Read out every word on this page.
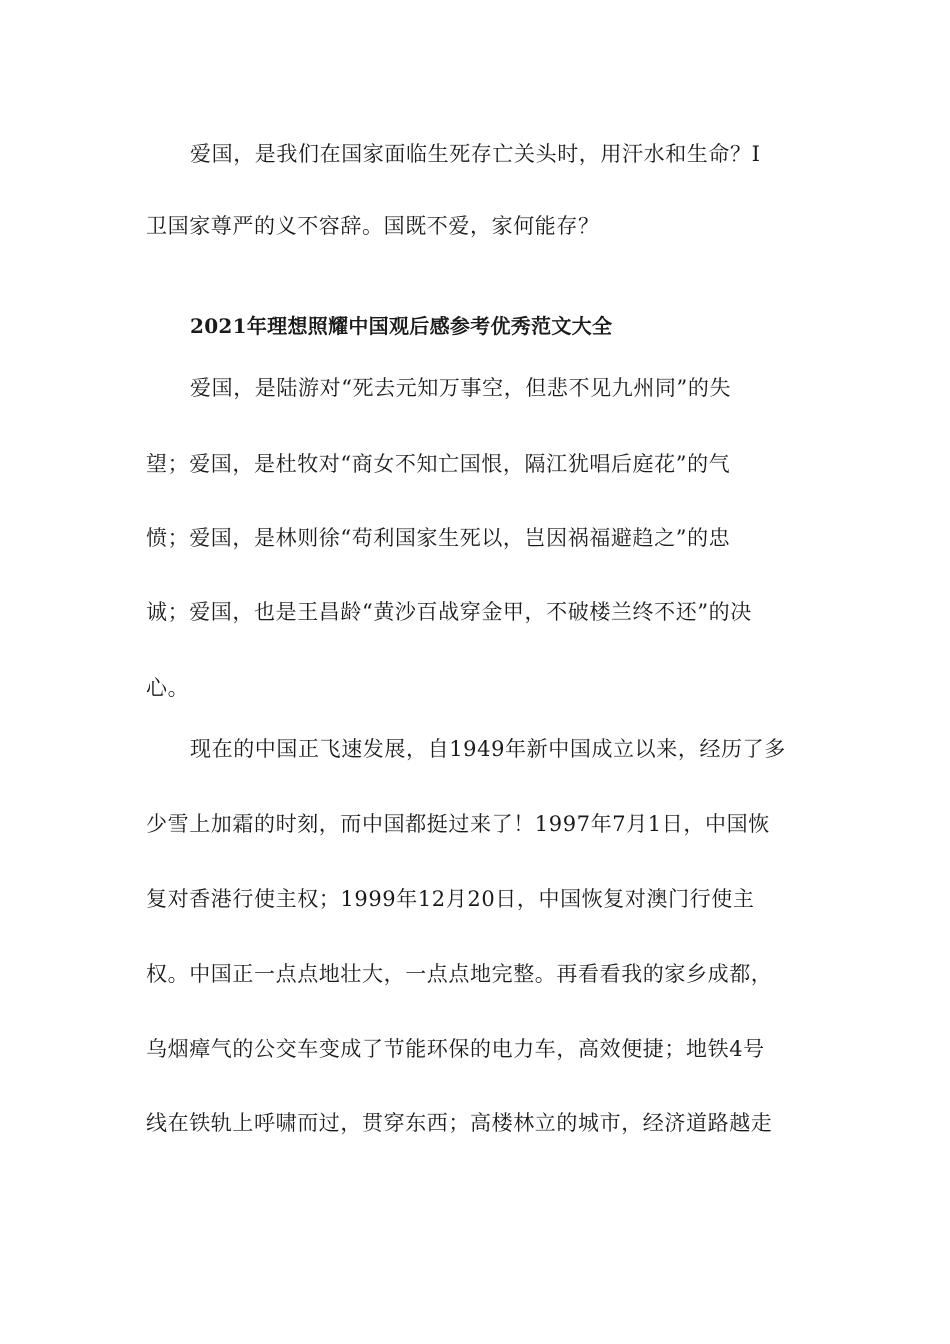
爱国，是我们在国家面临生死存亡关头时，用汗水和生命？I
卫国家尊严的义不容辞。国既不爱，家何能存？
2021年理想照耀中国观后感参考优秀范文大全
爱国，是陆游对“死去元知万事空，但悲不见九州同”的失
望；爱国，是杜牧对“商女不知亡国恨，隔江犹唱后庭花”的气
愤；爱国，是林则徐“苟利国家生死以，岂因祸福避趋之”的忠
诚；爱国，也是王昌龄“黄沙百战穿金甲，不破楼兰终不还”的决
心。
现在的中国正飞速发展，自1949年新中国成立以来，经历了多
少雪上加霜的时刻，而中国都挺过来了！1997年7月1日，中国恢
复对香港行使主权；1999年12月20日，中国恢复对澳门行使主
权。中国正一点点地壮大，一点点地完整。再看看我的家乡成都，
乌烟瘴气的公交车变成了节能环保的电力车，高效便捷；地铁4号
线在铁轨上呼啸而过，贯穿东西；高楼林立的城市，经济道路越走
